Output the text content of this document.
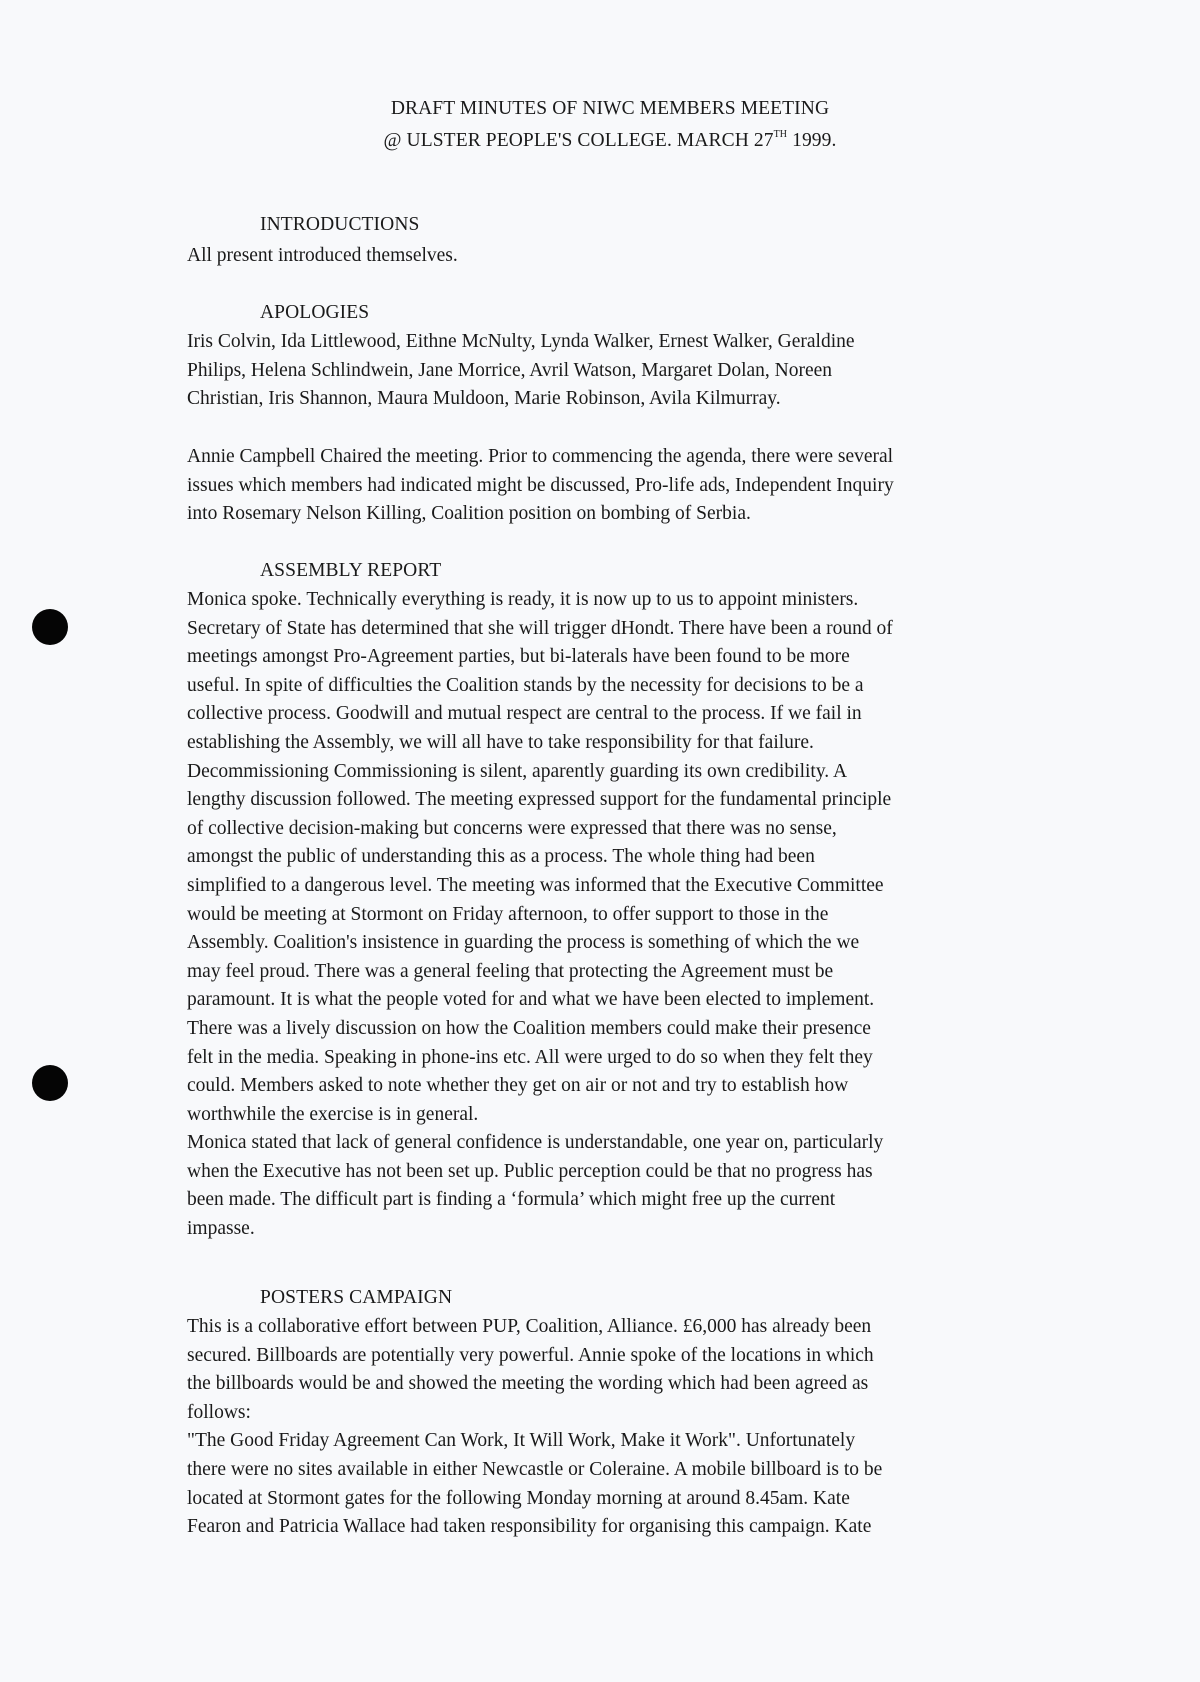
DRAFT MINUTES OF NIWC MEMBERS MEETING
@ ULSTER PEOPLE'S COLLEGE. MARCH 27TH 1999.
INTRODUCTIONS
All present introduced themselves.
APOLOGIES
Iris Colvin, Ida Littlewood, Eithne McNulty, Lynda Walker, Ernest Walker, Geraldine
Philips, Helena Schlindwein, Jane Morrice, Avril Watson, Margaret Dolan, Noreen
Christian, Iris Shannon, Maura Muldoon, Marie Robinson, Avila Kilmurray.
Annie Campbell Chaired the meeting. Prior to commencing the agenda, there were several
issues which members had indicated might be discussed, Pro-life ads, Independent Inquiry
into Rosemary Nelson Killing, Coalition position on bombing of Serbia.
ASSEMBLY REPORT
Monica spoke. Technically everything is ready, it is now up to us to appoint ministers.
Secretary of State has determined that she will trigger dHondt. There have been a round of
meetings amongst Pro-Agreement parties, but bi-laterals have been found to be more
useful. In spite of difficulties the Coalition stands by the necessity for decisions to be a
collective process. Goodwill and mutual respect are central to the process. If we fail in
establishing the Assembly, we will all have to take responsibility for that failure.
Decommissioning Commissioning is silent, aparently guarding its own credibility. A
lengthy discussion followed. The meeting expressed support for the fundamental principle
of collective decision-making but concerns were expressed that there was no sense,
amongst the public of understanding this as a process. The whole thing had been
simplified to a dangerous level. The meeting was informed that the Executive Committee
would be meeting at Stormont on Friday afternoon, to offer support to those in the
Assembly. Coalition's insistence in guarding the process is something of which the we
may feel proud. There was a general feeling that protecting the Agreement must be
paramount. It is what the people voted for and what we have been elected to implement.
There was a lively discussion on how the Coalition members could make their presence
felt in the media. Speaking in phone-ins etc. All were urged to do so when they felt they
could. Members asked to note whether they get on air or not and try to establish how
worthwhile the exercise is in general.
Monica stated that lack of general confidence is understandable, one year on, particularly
when the Executive has not been set up. Public perception could be that no progress has
been made. The difficult part is finding a ‘formula’ which might free up the current
impasse.
POSTERS CAMPAIGN
This is a collaborative effort between PUP, Coalition, Alliance. £6,000 has already been
secured. Billboards are potentially very powerful. Annie spoke of the locations in which
the billboards would be and showed the meeting the wording which had been agreed as
follows:
"The Good Friday Agreement Can Work, It Will Work, Make it Work". Unfortunately
there were no sites available in either Newcastle or Coleraine. A mobile billboard is to be
located at Stormont gates for the following Monday morning at around 8.45am. Kate
Fearon and Patricia Wallace had taken responsibility for organising this campaign. Kate
